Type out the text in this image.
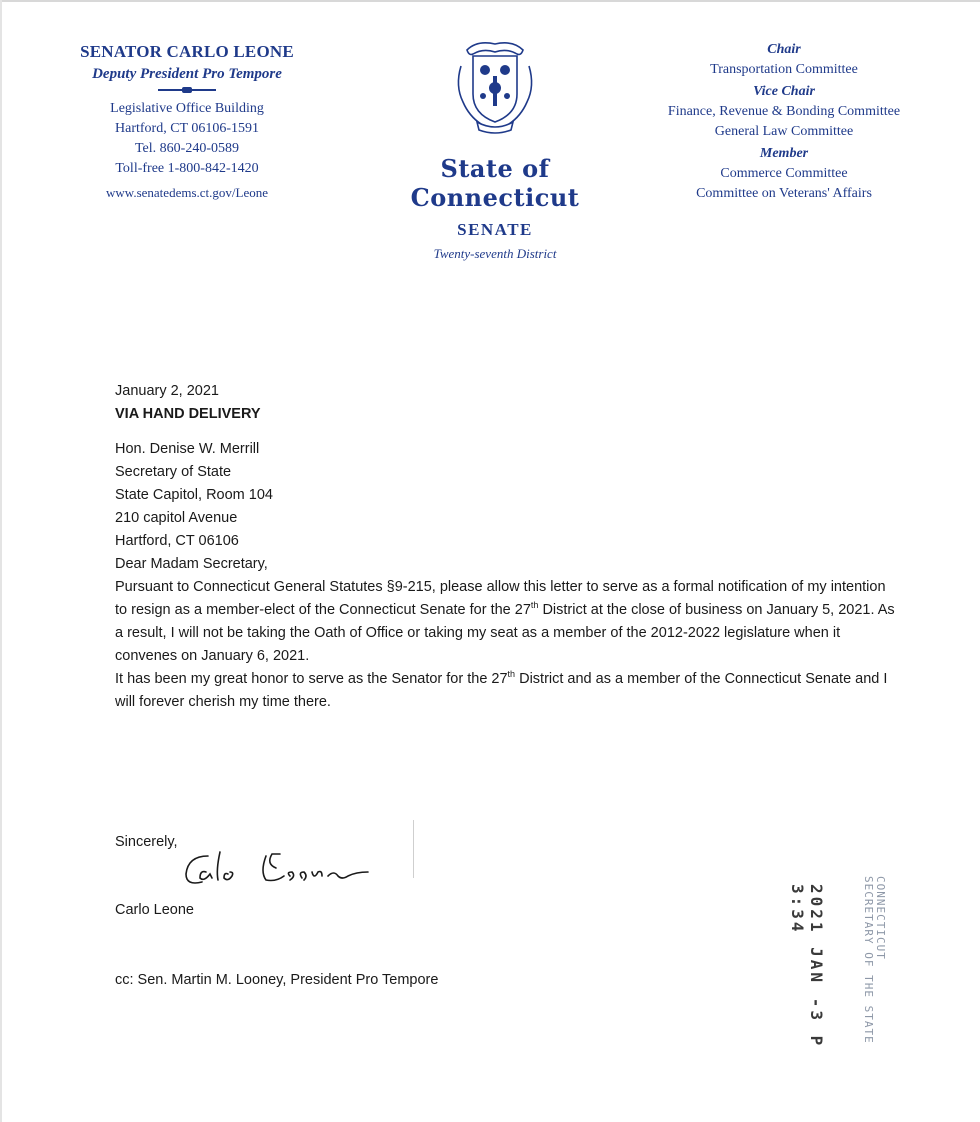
SENATOR CARLO LEONE
Deputy President Pro Tempore
Legislative Office Building
Hartford, CT 06106-1591
Tel. 860-240-0589
Toll-free 1-800-842-1420
www.senatedems.ct.gov/Leone
State of Connecticut
SENATE
Twenty-seventh District
Chair
Transportation Committee
Vice Chair
Finance, Revenue & Bonding Committee
General Law Committee
Member
Commerce Committee
Committee on Veterans' Affairs

January 2, 2021

VIA HAND DELIVERY

Hon. Denise W. Merrill

Secretary of State

State Capitol, Room 104

210 capitol Avenue

Hartford, CT 06106

Dear Madam Secretary,

Pursuant to Connecticut General Statutes §9-215, please allow this letter to serve as a formal notification of my intention to resign as a member-elect of the Connecticut Senate for the 27th District at the close of business on January 5, 2021. As a result, I will not be taking the Oath of Office or taking my seat as a member of the 2012-2022 legislature when it convenes on January 6, 2021.

It has been my great honor to serve as the Senator for the 27th District and as a member of the Connecticut Senate and I will forever cherish my time there.

Sincerely,
Carlo Leone
cc: Sen. Martin M. Looney, President Pro Tempore	2021 JAN -3 P 3:34	CONNECTICUT
SECRETARY OF THE STATE
